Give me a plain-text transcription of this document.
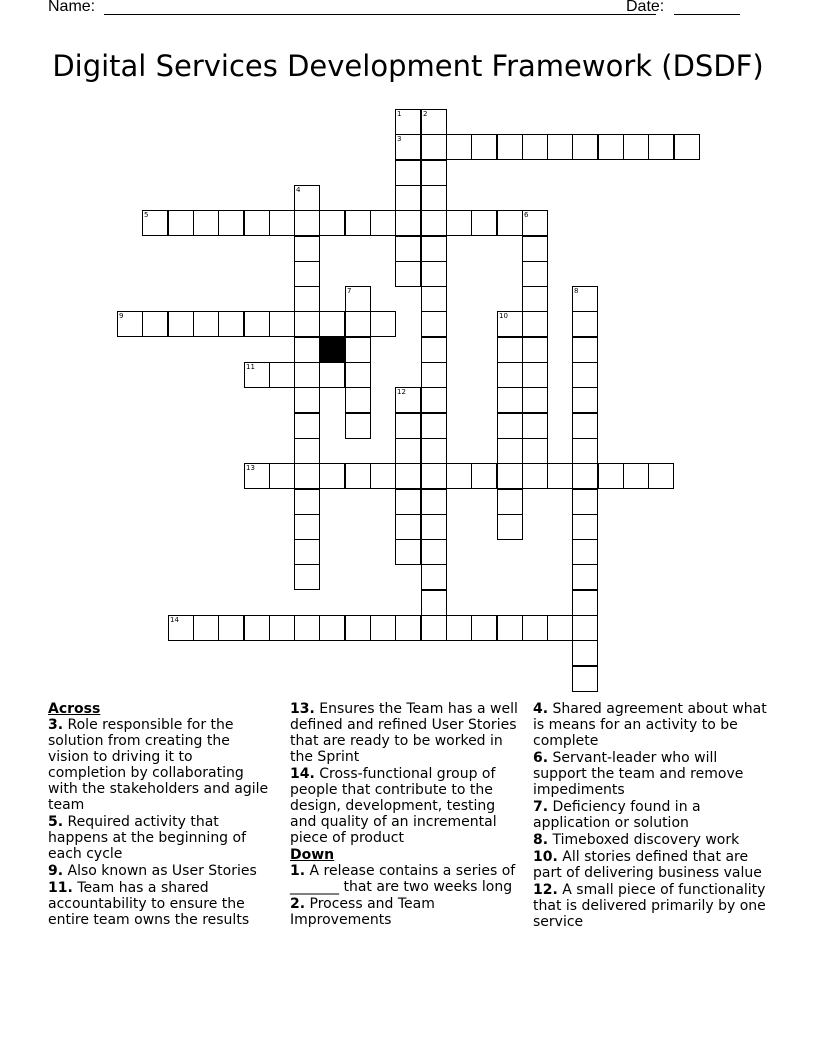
Name:	Date:
Digital Services Development Framework (DSDF)
3
5
9
11
13
14
1	2
4
6
7	8
10
12
Across
3. Role responsible for the solution from creating the vision to driving it to completion by collaborating with the stakeholders and agile team
5. Required activity that happens at the beginning of each cycle
9. Also known as User Stories
11. Team has a shared accountability to ensure the entire team owns the results
13. Ensures the Team has a well defined and refined User Stories that are ready to be worked in the Sprint
14. Cross-functional group of people that contribute to the design, development, testing and quality of an incremental piece of product
Down
1. A release contains a series of _______ that are two weeks long
2. Process and Team Improvements
4. Shared agreement about what is means for an activity to be complete
6. Servant-leader who will support the team and remove impediments
7. Deficiency found in a application or solution
8. Timeboxed discovery work
10. All stories defined that are part of delivering business value
12. A small piece of functionality that is delivered primarily by one service
